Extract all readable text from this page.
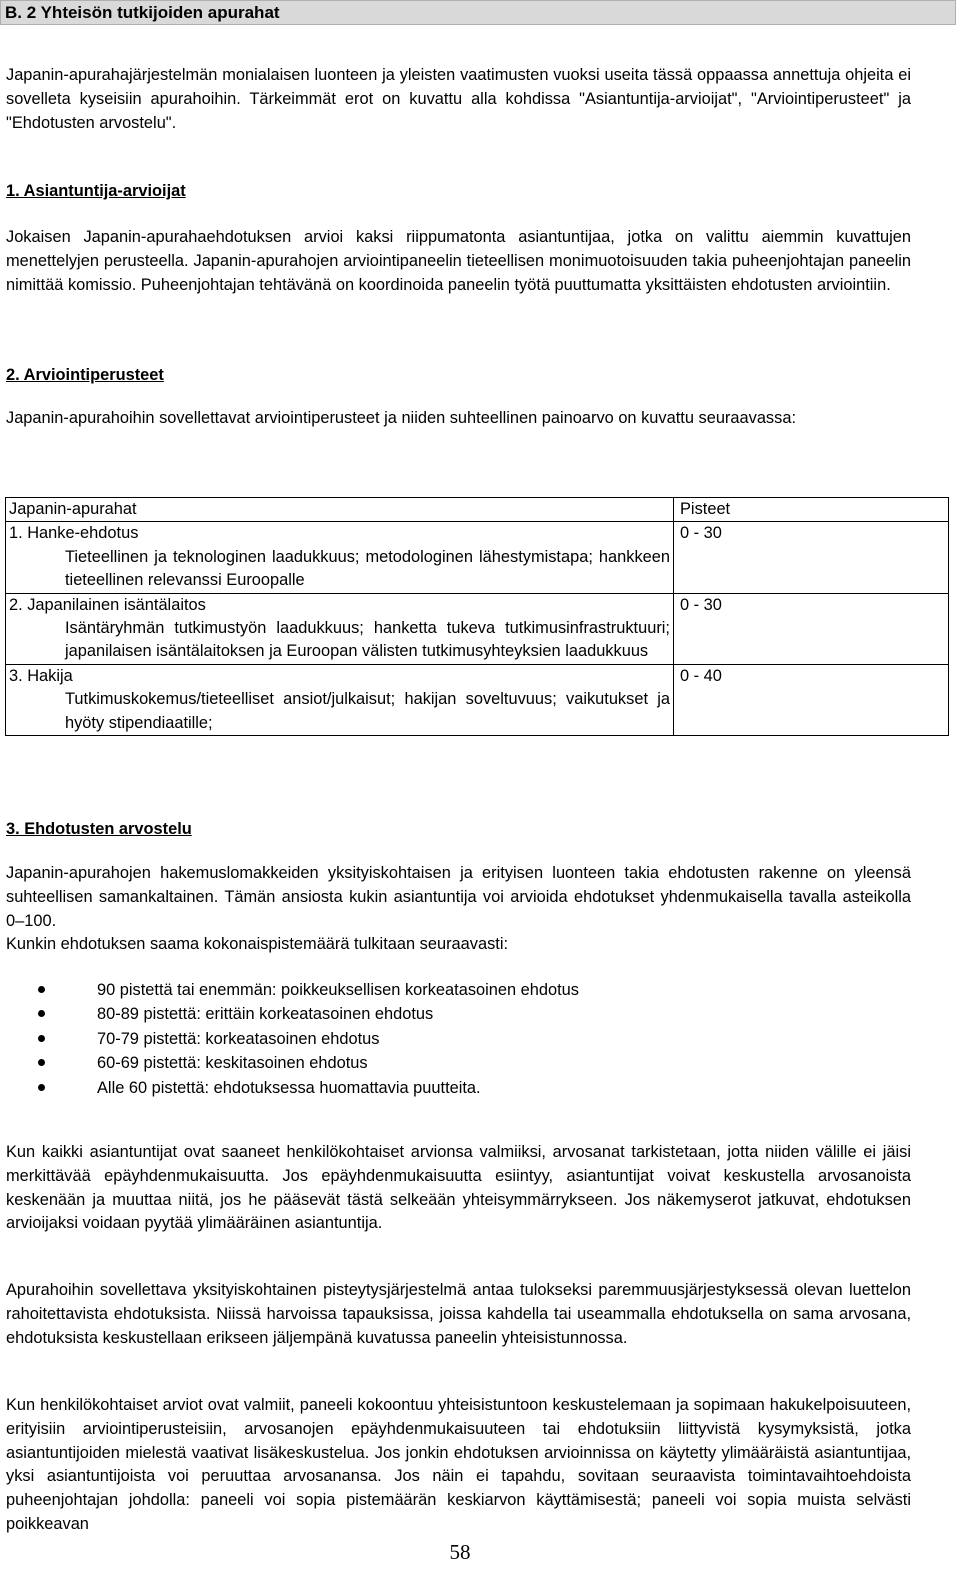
B. 2 Yhteisön tutkijoiden apurahat
Japanin-apurahajärjestelmän monialaisen luonteen ja yleisten vaatimusten vuoksi useita tässä oppaassa annettuja ohjeita ei sovelleta kyseisiin apurahoihin. Tärkeimmät erot on kuvattu alla kohdissa "Asiantuntija-arvioijat", "Arviointiperusteet" ja "Ehdotusten arvostelu".
1. Asiantuntija-arvioijat
Jokaisen Japanin-apurahaehdotuksen arvioi kaksi riippumatonta asiantuntijaa, jotka on valittu aiemmin kuvattujen menettelyjen perusteella. Japanin-apurahojen arviointipaneelin tieteellisen monimuotoisuuden takia puheenjohtajan paneelin nimittää komissio. Puheenjohtajan tehtävänä on koordinoida paneelin työtä puuttumatta yksittäisten ehdotusten arviointiin.
2. Arviointiperusteet
Japanin-apurahoihin sovellettavat arviointiperusteet ja niiden suhteellinen painoarvo on kuvattu seuraavassa:
Japanin-apurahat	Pisteet

1. Hanke-ehdotus
Tieteellinen ja teknologinen laadukkuus; metodologinen lähestymistapa; hankkeen tieteellinen relevanssi Euroopalle	0 - 30

2. Japanilainen isäntälaitos
Isäntäryhmän tutkimustyön laadukkuus; hanketta tukeva tutkimusinfrastruktuuri; japanilaisen isäntälaitoksen ja Euroopan välisten tutkimusyhteyksien laadukkuus	0 - 30

3. Hakija
Tutkimuskokemus/tieteelliset ansiot/julkaisut; hakijan soveltuvuus; vaikutukset ja hyöty stipendiaatille;	0 - 40
3. Ehdotusten arvostelu
Japanin-apurahojen hakemuslomakkeiden yksityiskohtaisen ja erityisen luonteen takia ehdotusten rakenne on yleensä suhteellisen samankaltainen. Tämän ansiosta kukin asiantuntija voi arvioida ehdotukset yhdenmukaisella tavalla asteikolla 0–100.
Kunkin ehdotuksen saama kokonaispistemäärä tulkitaan seuraavasti:
90 pistettä tai enemmän: poikkeuksellisen korkeatasoinen ehdotus
80-89 pistettä: erittäin korkeatasoinen ehdotus
70-79 pistettä: korkeatasoinen ehdotus
60-69 pistettä: keskitasoinen ehdotus
Alle 60 pistettä: ehdotuksessa huomattavia puutteita.
Kun kaikki asiantuntijat ovat saaneet henkilökohtaiset arvionsa valmiiksi, arvosanat tarkistetaan, jotta niiden välille ei jäisi merkittävää epäyhdenmukaisuutta. Jos epäyhdenmukaisuutta esiintyy, asiantuntijat voivat keskustella arvosanoista keskenään ja muuttaa niitä, jos he pääsevät tästä selkeään yhteisymmärrykseen. Jos näkemyserot jatkuvat, ehdotuksen arvioijaksi voidaan pyytää ylimääräinen asiantuntija.
Apurahoihin sovellettava yksityiskohtainen pisteytysjärjestelmä antaa tulokseksi paremmuusjärjestyksessä olevan luettelon rahoitettavista ehdotuksista. Niissä harvoissa tapauksissa, joissa kahdella tai useammalla ehdotuksella on sama arvosana, ehdotuksista keskustellaan erikseen jäljempänä kuvatussa paneelin yhteisistunnossa.
Kun henkilökohtaiset arviot ovat valmiit, paneeli kokoontuu yhteisistuntoon keskustelemaan ja sopimaan hakukelpoisuuteen, erityisiin arviointiperusteisiin, arvosanojen epäyhdenmukaisuuteen tai ehdotuksiin liittyvistä kysymyksistä, jotka asiantuntijoiden mielestä vaativat lisäkeskustelua. Jos jonkin ehdotuksen arvioinnissa on käytetty ylimääräistä asiantuntijaa, yksi asiantuntijoista voi peruuttaa arvosanansa. Jos näin ei tapahdu, sovitaan seuraavista toimintavaihtoehdoista puheenjohtajan johdolla: paneeli voi sopia pistemäärän keskiarvon käyttämisestä; paneeli voi sopia muista selvästi poikkeavan
58
